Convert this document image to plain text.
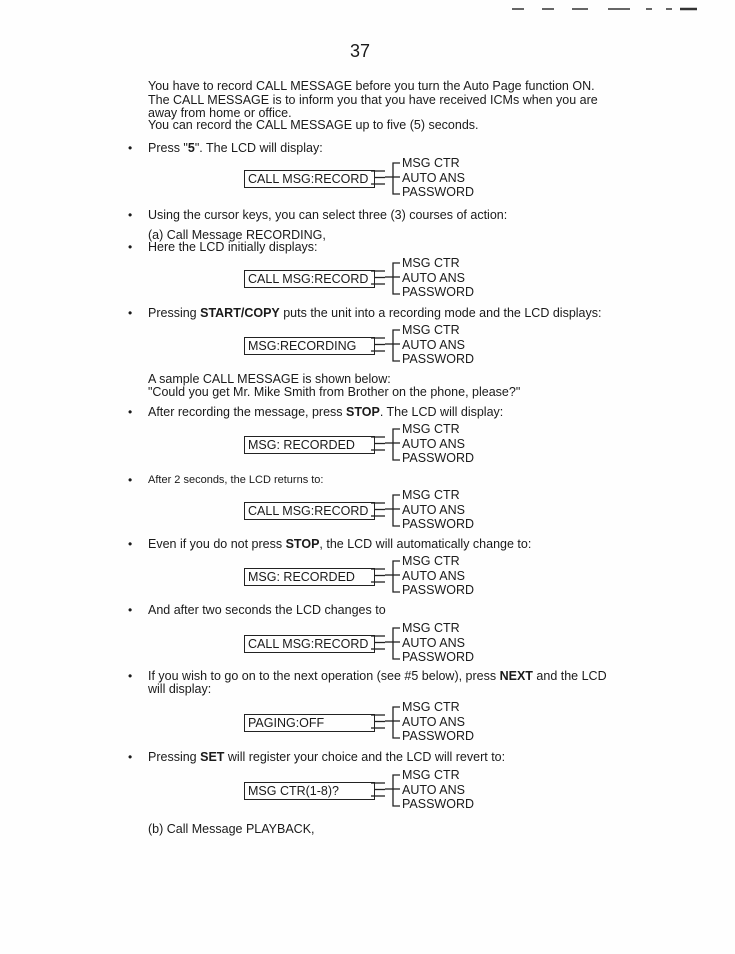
37
You have to record CALL MESSAGE before you turn the Auto Page function ON.
The CALL MESSAGE is to inform you that you have received ICMs when you are
away from home or office.
You can record the CALL MESSAGE up to five (5) seconds.
• Press "5". The LCD will display:
CALL MSG:RECORD
• Using the cursor keys, you can select three (3) courses of action:
(a) Call Message RECORDING,
• Here the LCD initially displays:
CALL MSG:RECORD
• Pressing START/COPY puts the unit into a recording mode and the LCD displays:
MSG:RECORDING
A sample CALL MESSAGE is shown below:
"Could you get Mr. Mike Smith from Brother on the phone, please?"
• After recording the message, press STOP. The LCD will display:
MSG: RECORDED
• After 2 seconds, the LCD returns to:
CALL MSG:RECORD
• Even if you do not press STOP, the LCD will automatically change to:
MSG: RECORDED
• And after two seconds the LCD changes to
CALL MSG:RECORD
• If you wish to go on to the next operation (see #5 below), press NEXT and the LCD
will display:
PAGING:OFF
• Pressing SET will register your choice and the LCD will revert to:
MSG CTR(1-8)?
(b) Call Message PLAYBACK,
MSG CTR
AUTO ANS
PASSWORD
MSG CTR
AUTO ANS
PASSWORD
MSG CTR
AUTO ANS
PASSWORD
MSG CTR
AUTO ANS
PASSWORD
MSG CTR
AUTO ANS
PASSWORD
MSG CTR
AUTO ANS
PASSWORD
MSG CTR
AUTO ANS
PASSWORD
MSG CTR
AUTO ANS
PASSWORD
MSG CTR
AUTO ANS
PASSWORD
